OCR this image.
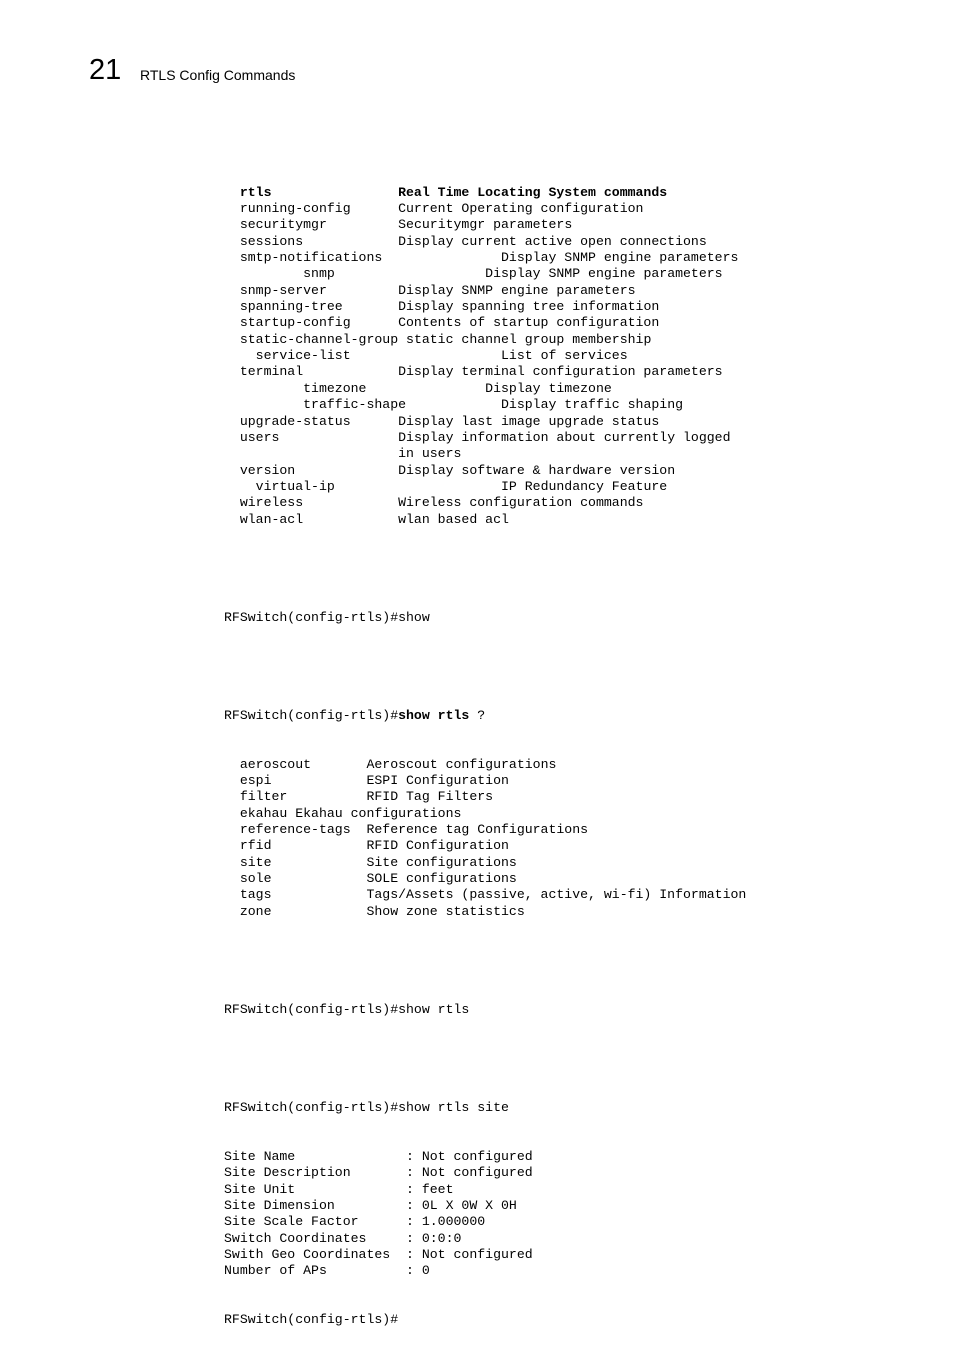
21 RTLS Config Commands

rtls	Real Time Locating System commands
running-config	Current Operating configuration
securitymgr	Securitymgr parameters
sessions	Display current active open connections
smtp-notifications	Display SNMP engine parameters
snmp	Display SNMP engine parameters
snmp-server	Display SNMP engine parameters
spanning-tree	Display spanning tree information
startup-config	Contents of startup configuration
static-channel-group static channel group membership
service-list	List of services
terminal	Display terminal configuration parameters
timezone	Display timezone
traffic-shape	Display traffic shaping
upgrade-status	Display last image upgrade status
users	Display information about currently logged
in users
version	Display software & hardware version
virtual-ip	IP Redundancy Feature
wireless	Wireless configuration commands
wlan-acl	wlan based acl

RFSwitch(config-rtls)#show

RFSwitch(config-rtls)#show rtls ?

aeroscout	Aeroscout configurations
espi	ESPI Configuration
filter	RFID Tag Filters
ekahau Ekahau configurations
reference-tags Reference tag Configurations
rfid	RFID Configuration
site	Site configurations
sole	SOLE configurations
tags	Tags/Assets (passive, active, wi-fi) Information
zone	Show zone statistics

RFSwitch(config-rtls)#show rtls

RFSwitch(config-rtls)#show rtls site

Site Name	: Not configured
Site Description	: Not configured
Site Unit	: feet
Site Dimension	: 0L X 0W X 0H
Site Scale Factor	: 1.000000
Switch Coordinates	: 0:0:0
Swith Geo Coordinates : Not configured
Number of APs	: 0

RFSwitch(config-rtls)#
